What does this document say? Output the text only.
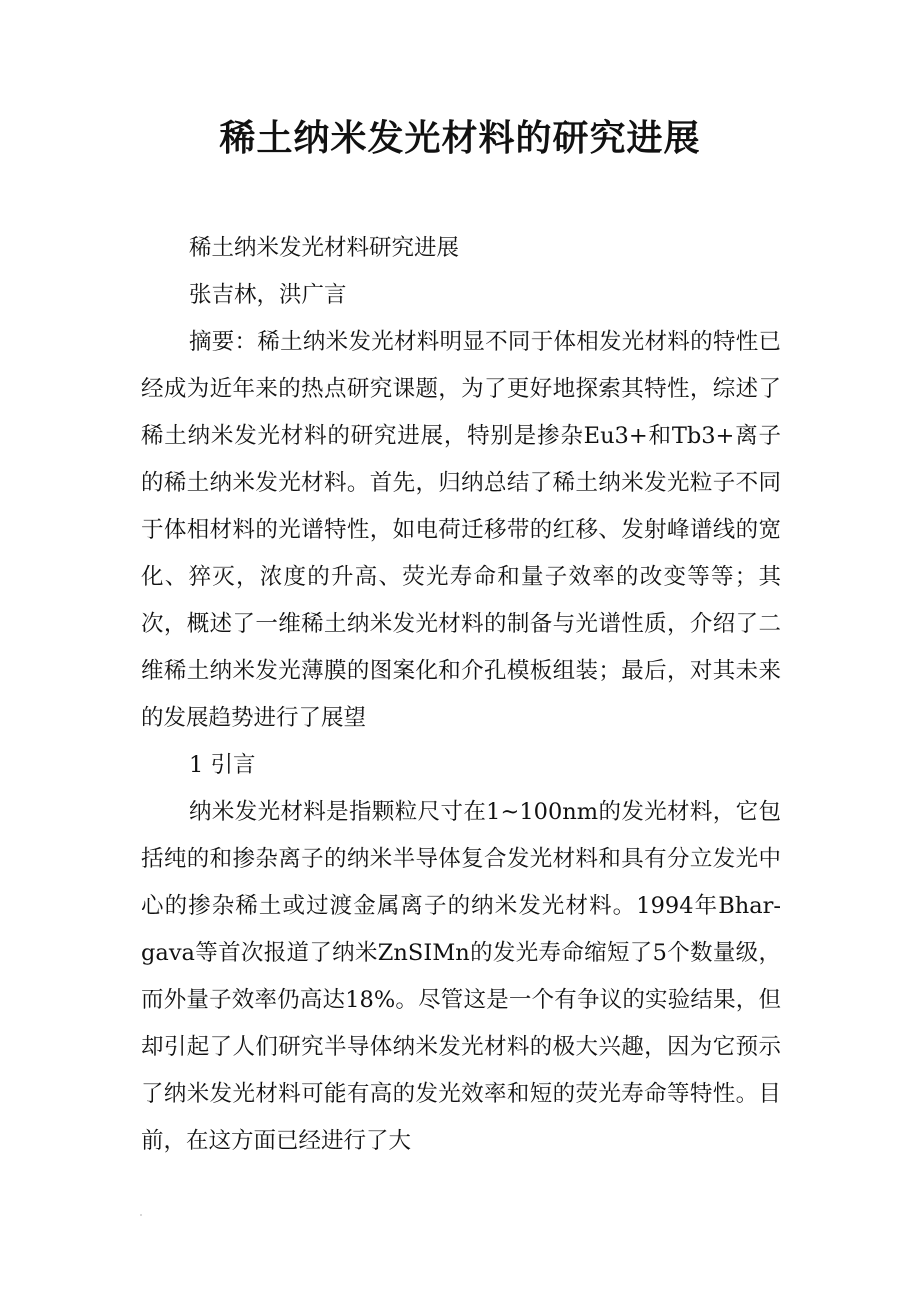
稀土纳米发光材料的研究进展

稀土纳米发光材料研究进展

张吉林，洪广言

摘要：稀土纳米发光材料明显不同于体相发光材料的特性已经成为近年来的热点研究课题，为了更好地探索其特性，综述了稀土纳米发光材料的研究进展，特别是掺杂Eu3+和Tb3+离子的稀土纳米发光材料。首先，归纳总结了稀土纳米发光粒子不同于体相材料的光谱特性，如电荷迁移带的红移、发射峰谱线的宽化、猝灭，浓度的升高、荧光寿命和量子效率的改变等等；其次，概述了一维稀土纳米发光材料的制备与光谱性质，介绍了二维稀土纳米发光薄膜的图案化和介孔模板组装；最后，对其未来的发展趋势进行了展望

1 引言

纳米发光材料是指颗粒尺寸在1~100nm的发光材料，它包括纯的和掺杂离子的纳米半导体复合发光材料和具有分立发光中心的掺杂稀土或过渡金属离子的纳米发光材料。1994年Bhar-gava等首次报道了纳米ZnSIMn的发光寿命缩短了5个数量级，而外量子效率仍高达18%。尽管这是一个有争议的实验结果，但却引起了人们研究半导体纳米发光材料的极大兴趣，因为它预示了纳米发光材料可能有高的发光效率和短的荧光寿命等特性。目前，在这方面已经进行了大
